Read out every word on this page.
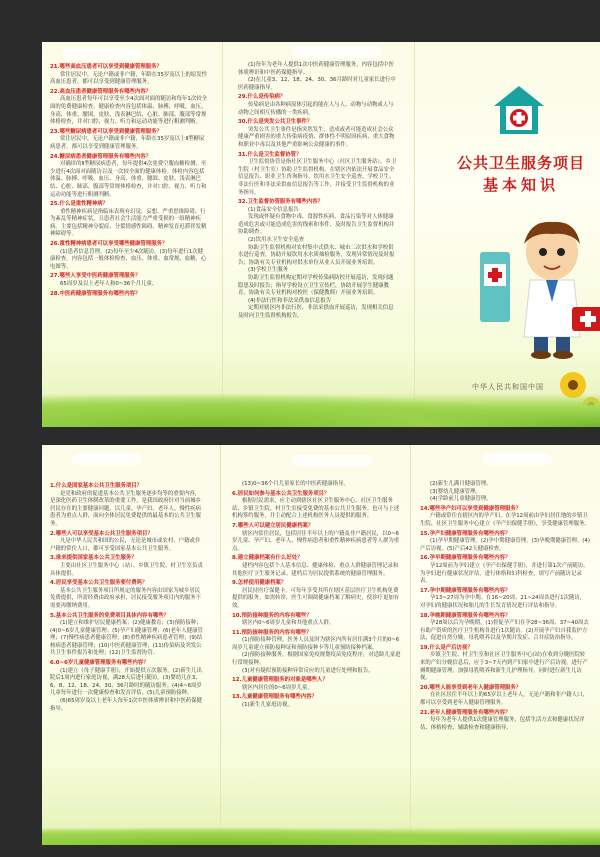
21.哪些高血压患者可以享受到健康管理服务？
常住居民中，无论户籍或非户籍，年龄在35岁及以上的原发性高血压患者，都可以享受到健康管理服务。
22.高血压患者健康管理服务有哪些内容？
高血压患者每年可以享受至少4次面对面的随访和每年1次较全面的免费健康检查。健康检查内容包括体温、脉搏、呼吸、血压、身高、体重、腰围、皮肤、浅表淋巴结、心脏、肺部、腹部等常规体格检查，并对口腔、视力、听力和运动功能等进行粗测判断。
23.哪些糖尿病患者可以享受到健康管理服务？
常住居民中，无论户籍或非户籍，年龄在35岁及以上Ⅱ型糖尿病患者，都可以享受到健康管理服务。
24.糖尿病患者健康管理服务有哪些内容？
对确诊的Ⅱ型糖尿病患者，每年提供4次免费空腹血糖检测，至少进行4次面对面随访以及一次较全面的健康体检。体检内容包括体温、脉搏、呼吸、血压、身高、体重、腰围、皮肤、浅表淋巴结、心脏、肺部、腹部等常规体格检查，并对口腔、视力、听力和运动功能等进行粗测判断。
25.什么是重性精神病？
重性精神疾病是指临床表现有幻觉、妄想、严重思维障碍、行为紊乱等精神症状，且患者社会生活能力严重受损的一组精神疾病。主要包括精神分裂症、分裂情感性障碍、精神发育迟滞伴发精神障碍等。
26.重性精神病患者可以享受哪些健康管理服务？
(1)患者信息管理。(2)每年至少4次随访。(3)每年进行1次健康检查，内容包括一般体检检查、血压、体重、血常规、血糖、心电图等。
27.哪些人享受中医药健康管理服务？
65周岁及以上老年人和0~36个月儿童。
28.中医药健康管理服务有哪些内容？
(1)每年为老年人提供1次中医药健康管理服务，内容包括中医体质辨识和中医药保健指导。
(2)在儿童3、12、18、24、30、36月龄时对儿童家长进行中医药健康指导。
29.什么是传染病？
传染病是由各种病原体引起的能在人与人、动物与动物或人与动物之间相互传播的一类疾病。
30.什么是突发公共卫生事件？
突发公共卫生事件是指突然发生，造成或者可能造成社会公众健康严重损害的重大传染病疫情、群体性不明原因疾病、重大食物和职业中毒以及其他严重影响公众健康的事件。
31.什么是卫生监督协管？
卫生监督协管是指社区卫生服务中心（社区卫生服务站）、乡卫生院（村卫生室）协助卫生监督机构，在辖区内依法开展食品安全信息报告、职业卫生咨询指导、饮用水卫生安全巡查、学校卫生、非法行医和非法采供血信息报告等工作，并接受卫生监督机构的业务指导。
32.卫生监督协管服务有哪些内容？
(1)食品安全信息报告
发现或怀疑有食物中毒、食源性疾病、食品污染等对人体健康造成危害或可能造成危害的线索和事件，及时报告卫生监督机构并协助调查。
(2)饮用水卫生安全巡查
协助卫生监督机构对农村集中式供水、城市二次供水和学校供水进行巡查，协助开展饮用水水质抽检服务，发现异常情况及时报告；协助有关专业机构对供水单位从业人员开展业务培训。
(3)学校卫生服务
协助卫生监督机构定期对学校传染病防控开展巡访，发现问题隐患及时报告；指导学校设立卫生宣传栏，协助开展学生健康教育。协助有关专业机构对校医（保健教师）开展业务培训。
(4)非法行医和非法采供血信息报告
定期对辖区内非法行医、非法采供血开展巡访，发现相关信息及时向卫生监督机构报告。
公共卫生服务项目
基本知识
中华人民共和国中国
1.什么是国家基本公共卫生服务项目？
是党和政府的促进基本公共卫生服务逐步均等的重要内容，是深化医药卫生体制改革的重要工作，是我国政府针对当前城乡居民存在的主要健康问题，以儿童、孕产妇、老年人、慢性疾病患者为重点人群，面向全体居民免费提供的最基本的公共卫生服务。
2.哪些人可以享受基本公共卫生服务项目？
凡是中华人民共和国的公民，无论是城市或农村、户籍或非户籍的常住人口，都可享受国家基本公共卫生服务。
3.谁来提供国家基本公共卫生服务？
主要由社区卫生服务中心（站）、乡镇卫生院、村卫生室负责具体提供。
4.居民享受基本公共卫生服务要付费吗？
基本公共卫生服务项目所规定的服务内容由国家为城乡居民免费提供，所需经费由政府承担，居民接受服务项目内的服务不需要再缴纳费用。
5.基本公共卫生服务的免费项目具体内容有哪些？
(1)建立和维护居民健康档案；(2)健康教育；(3)预防接种；(4)0~6岁儿童健康管理；(5)孕产妇健康管理；(6)老年人健康管理；(7)慢性病患者健康管理；(8)重性精神疾病患者管理；(9)结核病患者健康管理；(10)中医药健康管理；(11)传染病及突发公共卫生事件报告和处理；(12)卫生监督协管。
6.0~6岁儿童健康管理服务有哪些内容？
(1)建立《母子健康手册》，开始提供五次服务。(2)新生儿出院后1周内进行家庭访视，满28天后进行随访。(3)婴幼儿在3、6、8、12、18、24、30、36月龄时的随访服务。(4)4~6周岁儿童每年进行一次健康检查和发育评估。(5)儿童预防接种。
(6)65周岁及以上老年人每年1次中医体质辨识和中医药保健指导。
(13)0~36个月儿童家长的中医药健康指导。
6.居民如何参与基本公共卫生服务项目？
根据居民需求，应主动到辖区社区卫生服务中心、社区卫生服务站、乡镇卫生院、村卫生室接受免费的基本公共卫生服务。也可与上述机构签约服务，并主动配合上述机构医务人员提供的服务。
7.哪些人可以建立居民健康档案？
辖区内常住居民，包括居住半年以上的户籍及非户籍居民，以0~6岁儿童、孕产妇、老年人、慢性病患者和重性精神疾病患者等人群为重点。
8.建立健康档案有什么好处？
建档内容包括个人基本信息、健康体检、重点人群健康管理记录和其他医疗卫生服务记录。建档后为居民提供系统的健康管理服务。
9.怎样使用健康档案？
居民持医疗保健卡，可每年享受其所在辖区基层医疗卫生机构免费提供的服务。如需转诊，医生可调阅健康档案了解病史，使诊疗更加有效。
10.预防接种服务的内容有哪些？
辖区内0~6周岁儿童和其他重点人群。
11.预防接种服务的内容有哪些？
(1)预防接种管理。医务人员及时为辖区内所有居住满3个月的0~6周岁儿童建立预防接种证和预防接种卡等儿童预防接种档案。
(2)预防接种服务。根据国家免疫规划疫苗免疫程序，对适龄儿童进行常规接种。
(3)对有疑似预防接种异常反应的儿童进行处理和报告。
12.儿童健康管理服务的对象是哪些人？
辖区内居住的0~6周岁儿童。
13.儿童健康管理服务有哪些内容？
(1)新生儿家庭访视。
(2)新生儿满月健康管理。
(3)婴幼儿健康管理。
(4)学龄前儿童健康管理。
14.哪些孕产妇可以享受到健康管理服务？
户籍或常住在辖区内的孕产妇，在孕12周前由孕妇居住地的乡镇卫生院、社区卫生服务中心建立《孕产妇保健手册》，享受健康管理服务。
15.孕产妇健康管理服务有哪些内容？
(1)孕早期健康管理。(2)孕中期健康管理。(3)孕晚期健康管理。(4)产后访视。(5)产后42天健康检查。
16.孕早期健康管理服务有哪些内容？
孕12周前为孕妇建立《孕产妇保健手册》，并进行第1次产前随访。为孕妇进行健康状况评估，进行体格和妇科检查，填写产前随访记录表。
17.孕中期健康管理服务有哪些内容？
孕13~27周为孕中期。在16~20周、21~24周各进行1次随访，对孕妇的健康状况和胎儿的生长发育情况进行评估和指导。
18.孕晚期健康管理服务有哪些内容？
孕28周以后为孕晚期。(1)督促孕产妇在孕28~36周、37~40周去有助产资质的医疗卫生机构各进行1次随访。(2)开展孕产妇自我监护方法、促进自然分娩、母乳喂养以及孕期并发症、合并症防治指导。
19.什么是产后访视？
乡镇卫生院、村卫生室和社区卫生服务中心(站)在收到分娩医院转来的产妇分娩信息后，应于3~7天内到产妇家中进行产后访视，进行产褥期健康管理，加强母乳喂养和新生儿护理指导，同时进行新生儿访视。
20.哪些人能享受到老年人健康管理服务？
在社区居住半年以上的65岁以上老年人，无论户籍和非户籍人口，都可以享受到老年人健康管理服务。
21.老年人健康管理服务有哪些内容？
每年为老年人提供1次健康管理服务，包括生活方式和健康状况评估、体格检查、辅助检查和健康指导。
